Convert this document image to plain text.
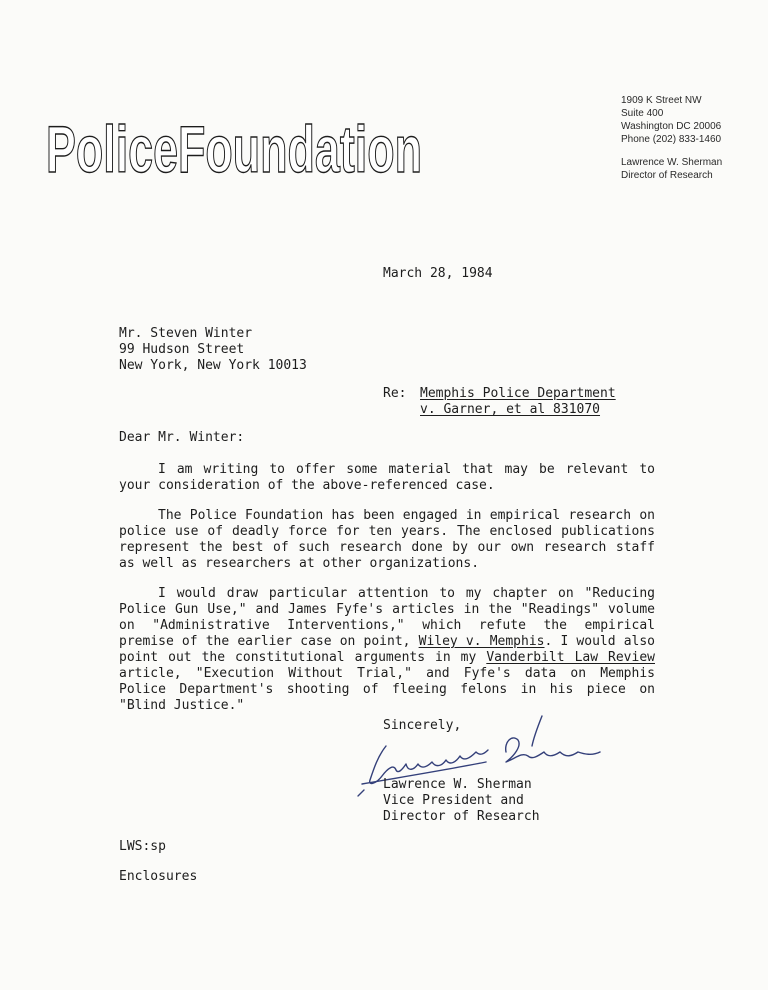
PoliceFoundation
1909 K Street NW
Suite 400
Washington DC 20006
Phone (202) 833-1460
Lawrence W. Sherman
Director of Research
March 28, 1984
Mr. Steven Winter
99 Hudson Street
New York, New York 10013
Re: Memphis Police Department
v. Garner, et al 831070
Dear Mr. Winter:

I am writing to offer some material that may be relevant to your consideration of the above-referenced case.

The Police Foundation has been engaged in empirical research on police use of deadly force for ten years. The enclosed publications represent the best of such research done by our own research staff as well as researchers at other organizations.

I would draw particular attention to my chapter on "Reducing Police Gun Use," and James Fyfe's articles in the "Readings" volume on "Administrative Interventions," which refute the empirical premise of the earlier case on point, Wiley v. Memphis. I would also point out the constitutional arguments in my Vanderbilt Law Review article, "Execution Without Trial," and Fyfe's data on Memphis Police Department's shooting of fleeing felons in his piece on "Blind Justice."

Sincerely,
Lawrence W. Sherman
Vice President and
Director of Research
LWS:sp
Enclosures
